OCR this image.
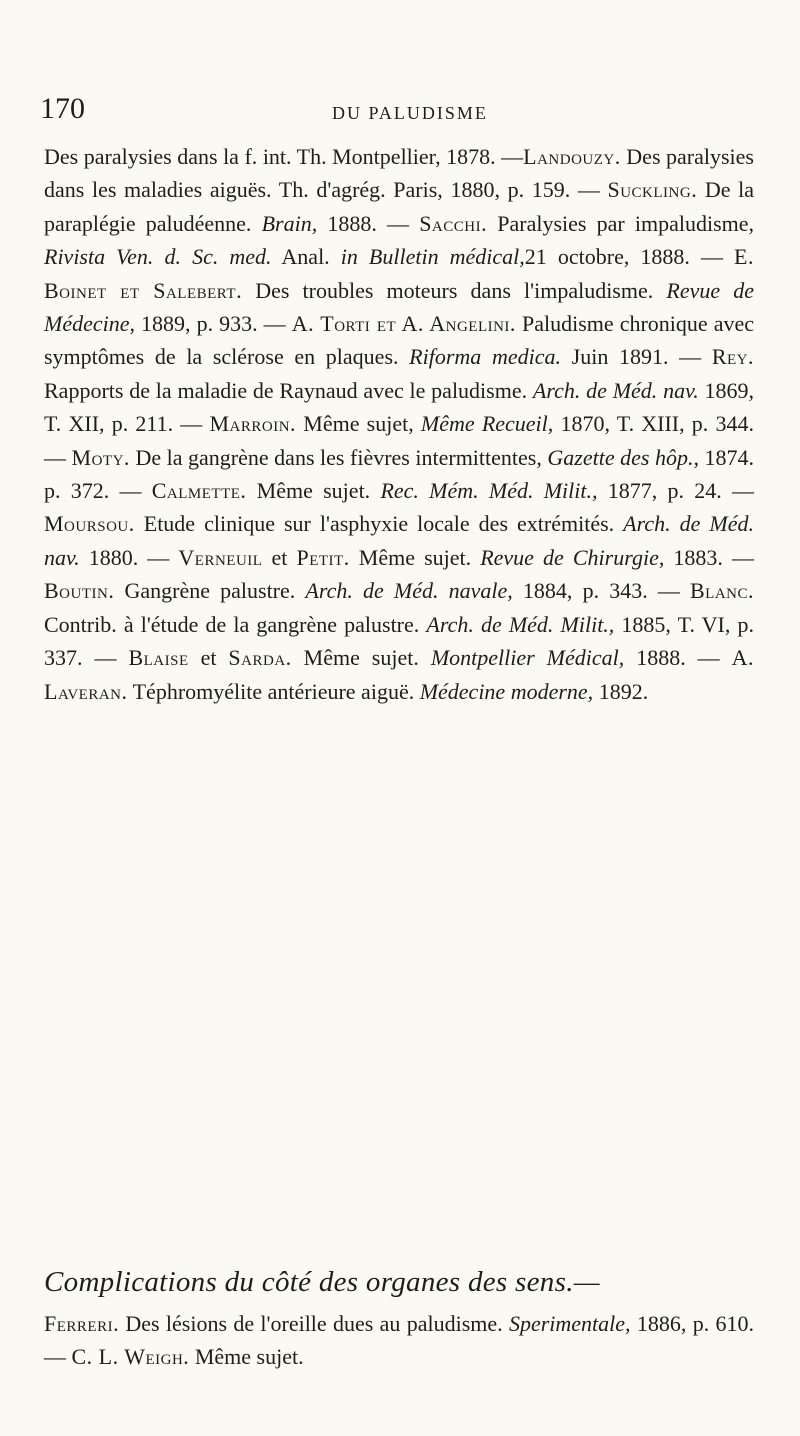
170	DU PALUDISME

Des paralysies dans la f. int. Th. Montpellier, 1878. —Landouzy. Des paralysies dans les maladies aiguës. Th. d'agrég. Paris, 1880, p. 159. — Suckling. De la paraplégie paludéenne. Brain, 1888. — Sacchi. Paralysies par impaludisme, Rivista Ven. d. Sc. med. Anal. in Bulletin médical,21 octobre, 1888. — E. Boinet et Salebert. Des troubles moteurs dans l'impaludisme. Revue de Médecine, 1889, p. 933. — A. Torti et A. Angelini. Paludisme chronique avec symptômes de la sclérose en plaques. Riforma medica. Juin 1891. — Rey. Rapports de la maladie de Raynaud avec le paludisme. Arch. de Méd. nav. 1869, T. XII, p. 211. — Marroin. Même sujet, Même Recueil, 1870, T. XIII, p. 344. — Moty. De la gangrène dans les fièvres intermittentes, Gazette des hôp., 1874. p. 372. — Calmette. Même sujet. Rec. Mém. Méd. Milit., 1877, p. 24. — Moursou. Etude clinique sur l'asphyxie locale des extrémités. Arch. de Méd. nav. 1880. — Verneuil et Petit. Même sujet. Revue de Chirurgie, 1883. — Boutin. Gangrène palustre. Arch. de Méd. navale, 1884, p. 343. — Blanc. Contrib. à l'étude de la gangrène palustre. Arch. de Méd. Milit., 1885, T. VI, p. 337. — Blaise et Sarda. Même sujet. Montpellier Médical, 1888. — A. Laveran. Téphromyélite antérieure aiguë. Médecine moderne, 1892.

Complications du côté des organes des sens.—

Ferreri. Des lésions de l'oreille dues au paludisme. Sperimentale, 1886, p. 610. — C. L. Weigh. Même sujet.
